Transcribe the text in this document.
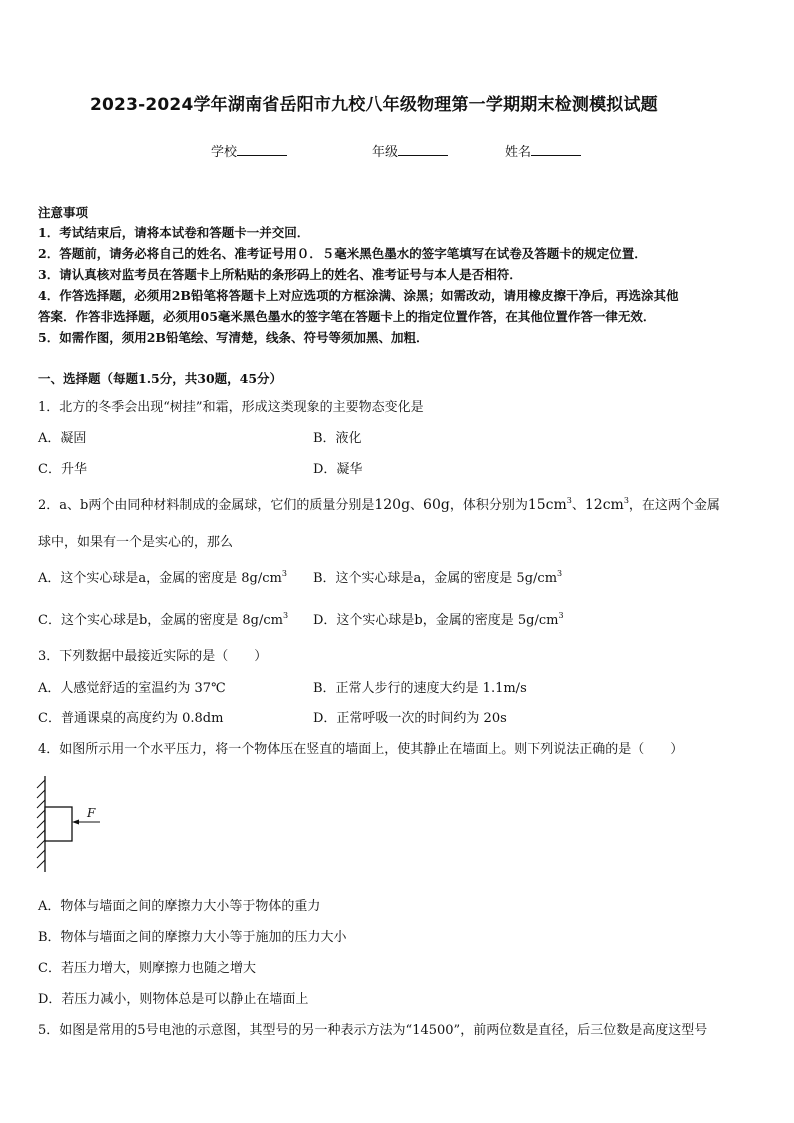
2023-2024学年湖南省岳阳市九校八年级物理第一学期期末检测模拟试题
学校	年级	姓名
注意事项
1．考试结束后，请将本试卷和答题卡一并交回．
2．答题前，请务必将自己的姓名、准考证号用０．５毫米黑色墨水的签字笔填写在试卷及答题卡的规定位置．
3．请认真核对监考员在答题卡上所粘贴的条形码上的姓名、准考证号与本人是否相符．
4．作答选择题，必须用2B铅笔将答题卡上对应选项的方框涂满、涂黑；如需改动，请用橡皮擦干净后，再选涂其他
答案．作答非选择题，必须用05毫米黑色墨水的签字笔在答题卡上的指定位置作答，在其他位置作答一律无效．
5．如需作图，须用2B铅笔绘、写清楚，线条、符号等须加黑、加粗．
一、选择题（每题1.5分，共30题，45分）
1．北方的冬季会出现“树挂”和霜，形成这类现象的主要物态变化是
A．凝固	B．液化
C．升华	D．凝华
2．a、b两个由同种材料制成的金属球，它们的质量分别是120g、60g，体积分别为$15cm^3$、$12cm^3$，在这两个金属
球中，如果有一个是实心的，那么
A．这个实心球是a，金属的密度是 $8g/cm^3$ B．这个实心球是a，金属的密度是 $5g/cm^3$
C．这个实心球是b，金属的密度是 $8g/cm^3$ D．这个实心球是b，金属的密度是 $5g/cm^3$
3．下列数据中最接近实际的是（　　）
A．人感觉舒适的室温约为 37℃	B．正常人步行的速度大约是 1.1m/s
C．普通课桌的高度约为 0.8dm	D．正常呼吸一次的时间约为 20s
4．如图所示用一个水平压力，将一个物体压在竖直的墙面上，使其静止在墙面上。则下列说法正确的是（　　）
F
A．物体与墙面之间的摩擦力大小等于物体的重力
B．物体与墙面之间的摩擦力大小等于施加的压力大小
C．若压力增大，则摩擦力也随之增大
D．若压力减小，则物体总是可以静止在墙面上
5．如图是常用的5号电池的示意图，其型号的另一种表示方法为“14500”，前两位数是直径，后三位数是高度这型号
